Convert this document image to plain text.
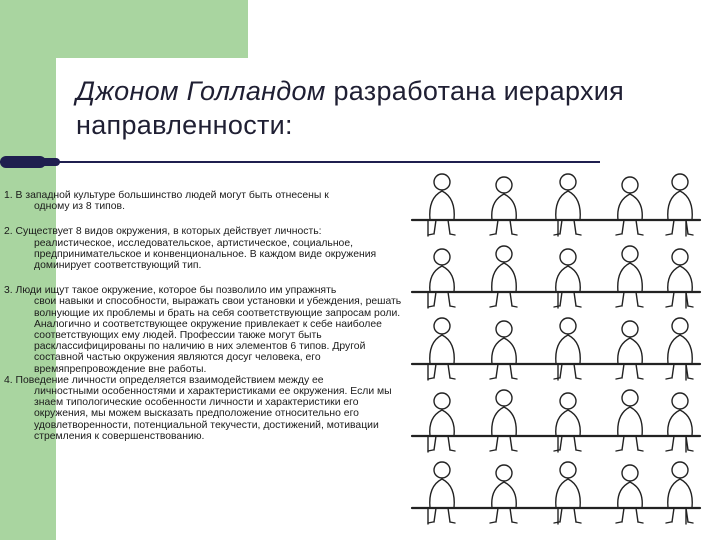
Джоном Голландом разработана иерархия направленности:
1. В западной культуре большинство людей могут быть отнесены к
одному из 8 типов.
2. Существует 8 видов окружения, в которых действует личность:
реалистическое, исследовательское, артистическое, социальное, предпринимательское и конвенциональное. В каждом виде окружения доминирует соответствующий тип.
3. Люди ищут такое окружение, которое бы позволило им упражнять
свои навыки и способности, выражать свои установки и убеждения, решать волнующие их проблемы и брать на себя соответствующие запросам роли. Аналогично и соответствующее окружение привлекает к себе наиболее соответствующих ему людей. Профессии также могут быть расклассифицированы по наличию в них элементов 6 типов. Другой составной частью окружения являются досуг человека, его времяпрепровождение вне работы.
4. Поведение личности определяется взаимодействием между ее
личностными особенностями и характеристиками ее окружения. Если мы знаем типологические особенности личности и характеристики его окружения, мы можем высказать предположение относительно его удовлетворенности, потенциальной текучести, достижений, мотивации стремления к совершенствованию.
